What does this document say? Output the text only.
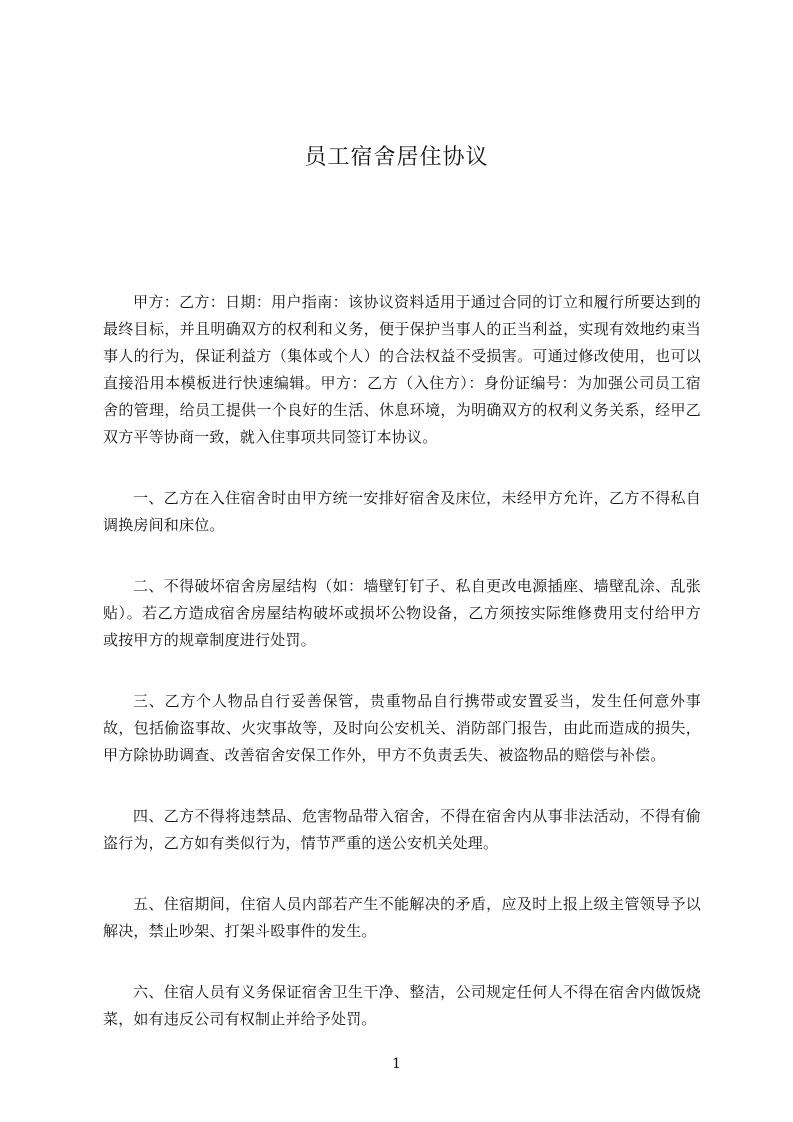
员工宿舍居住协议

甲方：乙方：日期：用户指南：该协议资料适用于通过合同的订立和履行所要达到的最终目标，并且明确双方的权利和义务，便于保护当事人的正当利益，实现有效地约束当事人的行为，保证利益方（集体或个人）的合法权益不受损害。可通过修改使用，也可以直接沿用本模板进行快速编辑。甲方：乙方（入住方）：身份证编号：为加强公司员工宿舍的管理，给员工提供一个良好的生活、休息环境，为明确双方的权利义务关系，经甲乙双方平等协商一致，就入住事项共同签订本协议。

一、乙方在入住宿舍时由甲方统一安排好宿舍及床位，未经甲方允许，乙方不得私自调换房间和床位。

二、不得破坏宿舍房屋结构（如：墙壁钉钉子、私自更改电源插座、墙壁乱涂、乱张贴）。若乙方造成宿舍房屋结构破坏或损坏公物设备，乙方须按实际维修费用支付给甲方或按甲方的规章制度进行处罚。

三、乙方个人物品自行妥善保管，贵重物品自行携带或安置妥当，发生任何意外事故，包括偷盗事故、火灾事故等，及时向公安机关、消防部门报告，由此而造成的损失，甲方除协助调查、改善宿舍安保工作外，甲方不负责丢失、被盗物品的赔偿与补偿。

四、乙方不得将违禁品、危害物品带入宿舍，不得在宿舍内从事非法活动，不得有偷盗行为，乙方如有类似行为，情节严重的送公安机关处理。

五、住宿期间，住宿人员内部若产生不能解决的矛盾，应及时上报上级主管领导予以解决，禁止吵架、打架斗殴事件的发生。

六、住宿人员有义务保证宿舍卫生干净、整洁，公司规定任何人不得在宿舍内做饭烧菜，如有违反公司有权制止并给予处罚。

1
